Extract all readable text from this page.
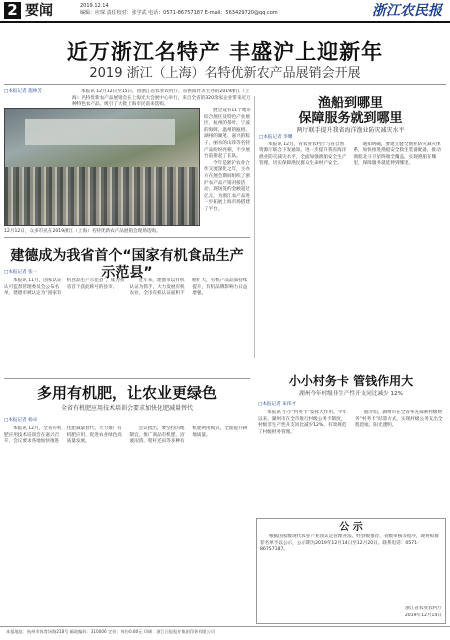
2 要闻	2019.12.14
编辑：应琛 责任校对：张学武 电话：0571-86757187 E-mail：563429720@qq.com	浙江农民报
近万浙江名特产 丰盛沪上迎新年
2019 浙江（上海）名特优新农产品展销会开展
□本报记者 施林芳	本报讯 12月12日至15日，由浙江省农业农村厅、省供销社等主办的2019浙江（上海）名特优新农产品展销会在上海光大会展中心举行，来自全省的320余家企业带来近万种特色农产品，吸引了大批上海市民前来选购。

12月12日，众多市民在2019浙江（上海）名特优新农产品展销会现场选购。

展会设有11个地市综合展区及特色产业展区，杭州的茶叶、宁波的海鲜、温州的瓯柑、湖州的湖笔、嘉兴的粽子、丽水的山珍等名特产品纷纷亮相，不少展台前排起了长队。

今年是浙沪农业合作交流深化之年，主办方在展会期间组织了浙沪农产品产销对接活动，现场签约金额超过亿元，为浙江农产品进一步拓展上海市场搭建了平台。

渔船到哪里
保障服务就到哪里
两厅联手提升我省海洋渔业防灾减灾水平
□本报记者 李曙

本报讯 12月，省农业农村厅与省自然资源厅联合下发通知，进一步提升我省海洋渔业防灾减灾水平，全面加强渔船安全生产管理，切实保障渔民群众生命财产安全。

通知明确，要建立健全渔业防灾减灾体系，加快推进渔船安全救生装备配备，推动渔船北斗卫星终端全覆盖，实现渔船在哪里，保障服务就延伸到哪里。

建德成为我省首个“国家有机食品生产示范县”
□本报记者 张一

本报讯 11月，国家认证认可监督管理委员会公布名单，建德市被认定为“国家有机食品生产示范县”，成为我省首个获此称号的县市。

近年来，建德市以有机认证为抓手，大力发展有机农业，全市有机认证面积不断扩大，有机产品品质持续提升，有机品牌影响力日益增强。

多用有机肥，让农业更绿色
全省有机肥应用技术培训会要求加快化肥减量替代
□本报记者 杨卓

本报讯 12月，全省有机肥应用技术培训会在嘉兴召开，会议要求各地加快推进化肥减量替代，大力推广有机肥应用，促进农业绿色高质量发展。

会议指出，要坚持因地制宜，推广商品有机肥、沼液沼渣、秸秆还田等多种有机肥利用模式，全面提升耕地质量。

小小村务卡 管钱作用大
湖州今年村级非生产性开支同比减少 12%
□本报记者 朱伟才

本报讯 小小“村务卡”发挥大作用。今年以来，湖州市在全市推行村级公务卡制度，村级非生产性开支同比减少12%，有效规范了村级财务管理。

据介绍，湖州市在全省率先探索村级财务“村务卡”结算方式，实现村级公务支出全程留痕、阳光透明。

公 示

根据国家级现代农业产业园认定管理办法，经县级推荐、省级审核等程序，现将拟推荐名单予以公示，公示期为2019年12月14日至12月20日。联系电话：0571-86757187。

浙江省农业农村厅
2019年12月14日
本报地址：杭州市体育场路218号 邮政编码：310006 定价：每份0.80元 印刷：浙江日报报业集团印务有限公司
